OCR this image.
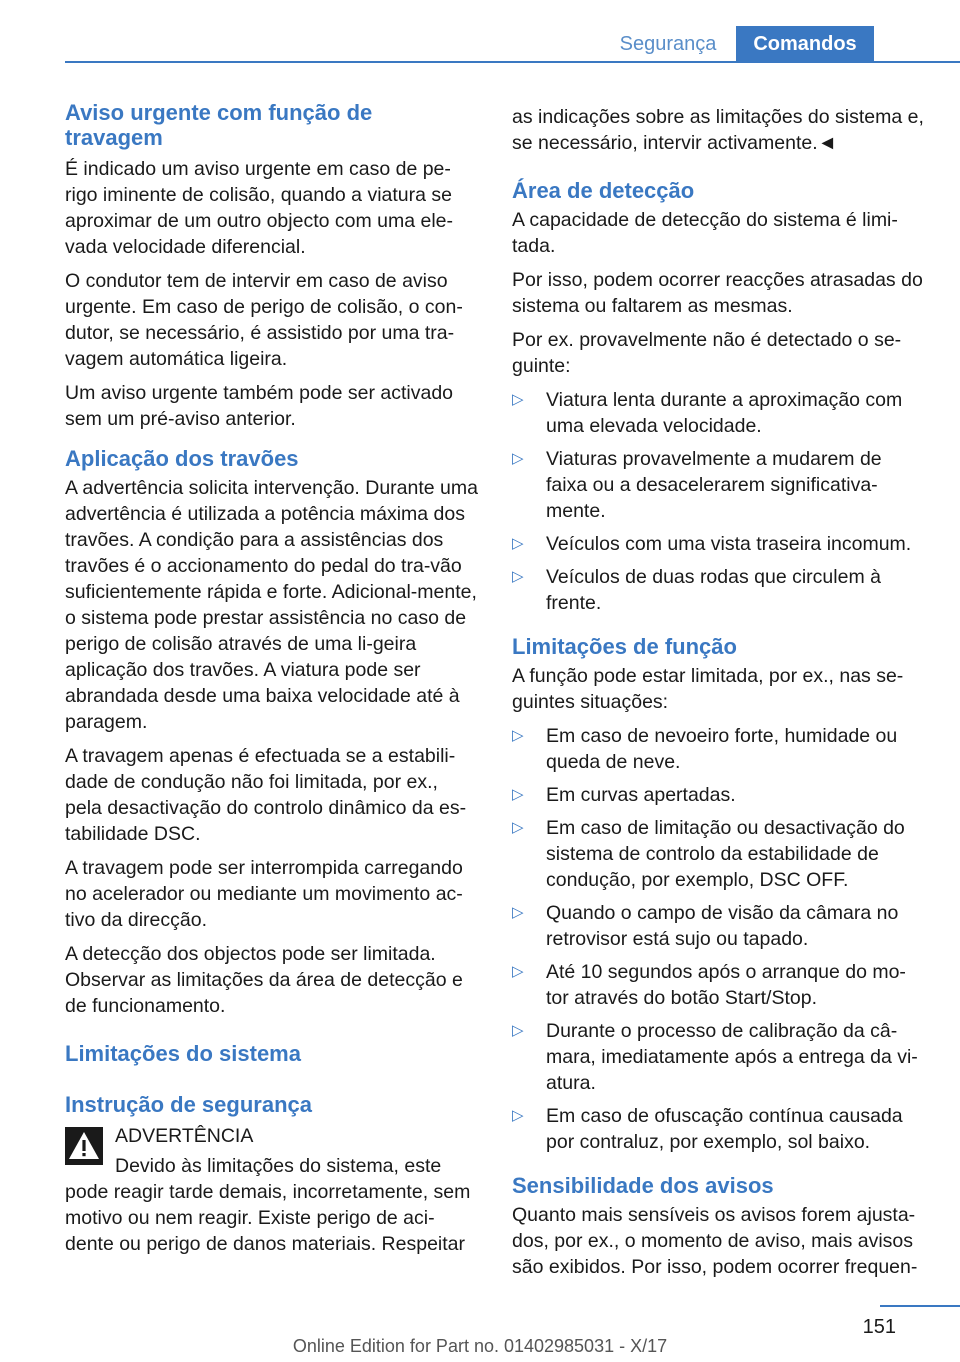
Segurança	Comandos
Aviso urgente com função de travagem

É indicado um aviso urgente em caso de pe-rigo iminente de colisão, quando a viatura se aproximar de um outro objecto com uma ele-vada velocidade diferencial.

O condutor tem de intervir em caso de aviso urgente. Em caso de perigo de colisão, o con-dutor, se necessário, é assistido por uma tra-vagem automática ligeira.

Um aviso urgente também pode ser activado sem um pré-aviso anterior.

Aplicação dos travões

A advertência solicita intervenção. Durante uma advertência é utilizada a potência máxima dos travões. A condição para a assistências dos travões é o accionamento do pedal do tra-vão suficientemente rápida e forte. Adicional-mente, o sistema pode prestar assistência no caso de perigo de colisão através de uma li-geira aplicação dos travões. A viatura pode ser abrandada desde uma baixa velocidade até à paragem.

A travagem apenas é efectuada se a estabili-dade de condução não foi limitada, por ex., pela desactivação do controlo dinâmico da es-tabilidade DSC.

A travagem pode ser interrompida carregando no acelerador ou mediante um movimento ac-tivo da direcção.

A detecção dos objectos pode ser limitada. Observar as limitações da área de detecção e de funcionamento.

Limitações do sistema
Instrução de segurança

ADVERTÊNCIA

Devido às limitações do sistema, este pode reagir tarde demais, incorretamente, sem motivo ou nem reagir. Existe perigo de aci-dente ou perigo de danos materiais. Respeitar

as indicações sobre as limitações do sistema e, se necessário, intervir activamente.◄

Área de detecção

A capacidade de detecção do sistema é limi-tada.

Por isso, podem ocorrer reacções atrasadas do sistema ou faltarem as mesmas.

Por ex. provavelmente não é detectado o se-guinte:

▷	Viatura lenta durante a aproximação com uma elevada velocidade.
▷	Viaturas provavelmente a mudarem de faixa ou a desacelerarem significativa-mente.
▷	Veículos com uma vista traseira incomum.
▷	Veículos de duas rodas que circulem à frente.
Limitações de função

A função pode estar limitada, por ex., nas se-guintes situações:

▷	Em caso de nevoeiro forte, humidade ou queda de neve.
▷	Em curvas apertadas.
▷	Em caso de limitação ou desactivação do sistema de controlo da estabilidade de condução, por exemplo, DSC OFF.
▷	Quando o campo de visão da câmara no retrovisor está sujo ou tapado.
▷	Até 10 segundos após o arranque do mo-tor através do botão Start/Stop.
▷	Durante o processo de calibração da câ-mara, imediatamente após a entrega da vi-atura.
▷	Em caso de ofuscação contínua causada por contraluz, por exemplo, sol baixo.
Sensibilidade dos avisos

Quanto mais sensíveis os avisos forem ajusta-dos, por ex., o momento de aviso, mais avisos são exibidos. Por isso, podem ocorrer frequen-

151
Online Edition for Part no. 01402985031 - X/17
